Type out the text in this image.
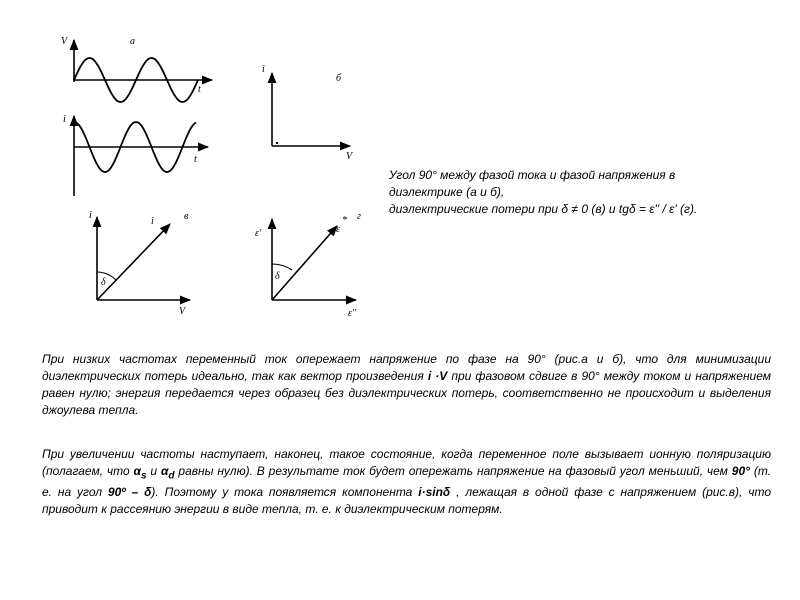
V	а
t
i
t
i
б
V
i
i	в
δ
V
ε'	ε
* г
δ
ε''
Угол 90° между фазой тока и фазой напряжения в
диэлектрике (а и б),
диэлектрические потери при δ ≠ 0 (в) и tgδ = ε'' / ε' (г).
При низких частотах переменный ток опережает напряжение по фазе на 90° (рис.а и б), что для минимизации диэлектрических потерь идеально, так как вектор произведения i ·V при фазовом сдвиге в 90° между током и напряжением равен нулю; энергия передается через образец без диэлектрических потерь, соответственно не происходит и выделения джоулева тепла.
При увеличении частоты наступает, наконец, такое состояние, когда переменное поле вызывает ионную поляризацию (полагаем, что $\alpha_s$ и $\alpha_d$ равны нулю). В результате ток будет опережать напряжение на фазовый угол меньший, чем 90° (т. е. на угол 90º – δ). Поэтому у тока появляется компонента i·sinδ , лежащая в одной фазе с напряжением (рис.в), что приводит к рассеянию энергии в виде тепла, т. е. к диэлектрическим потерям.
